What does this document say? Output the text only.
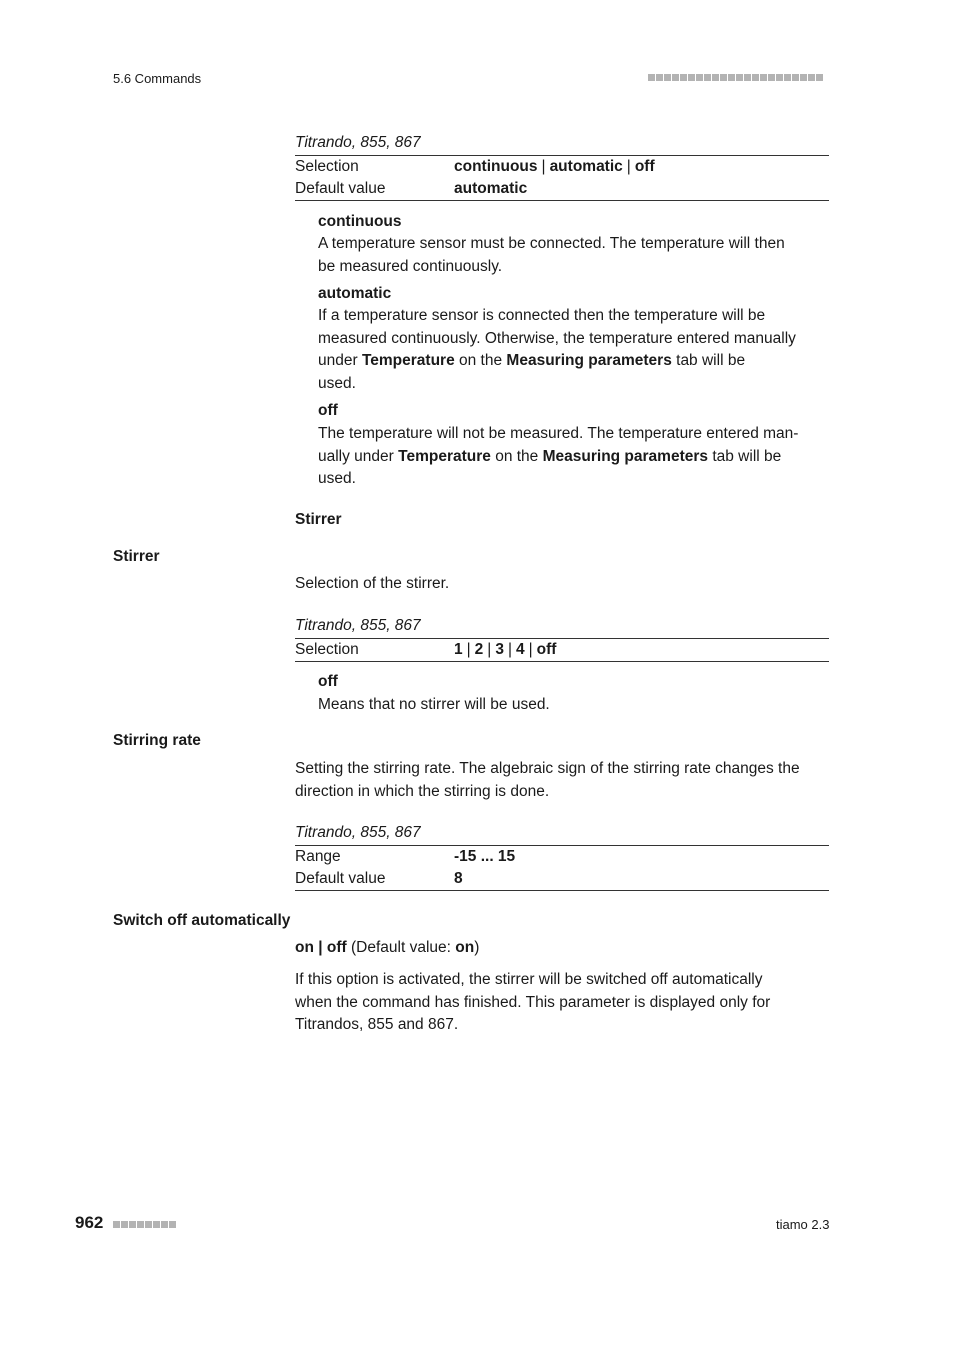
5.6 Commands
962	tiamo 2.3
Titrando, 855, 867
Selection	continuous | automatic | off
Default value	automatic
continuous
A temperature sensor must be connected. The temperature will then
be measured continuously.
automatic
If a temperature sensor is connected then the temperature will be
measured continuously. Otherwise, the temperature entered manually
under Temperature on the Measuring parameters tab will be
used.
off
The temperature will not be measured. The temperature entered man-
ually under Temperature on the Measuring parameters tab will be
used.
Stirrer
Stirrer
Selection of the stirrer.
Titrando, 855, 867
Selection	1 | 2 | 3 | 4 | off
off
Means that no stirrer will be used.
Stirring rate
Setting the stirring rate. The algebraic sign of the stirring rate changes the
direction in which the stirring is done.
Titrando, 855, 867
Range	-15 ... 15
Default value	8
Switch off automatically
on | off (Default value: on)
If this option is activated, the stirrer will be switched off automatically
when the command has finished. This parameter is displayed only for
Titrandos, 855 and 867.
